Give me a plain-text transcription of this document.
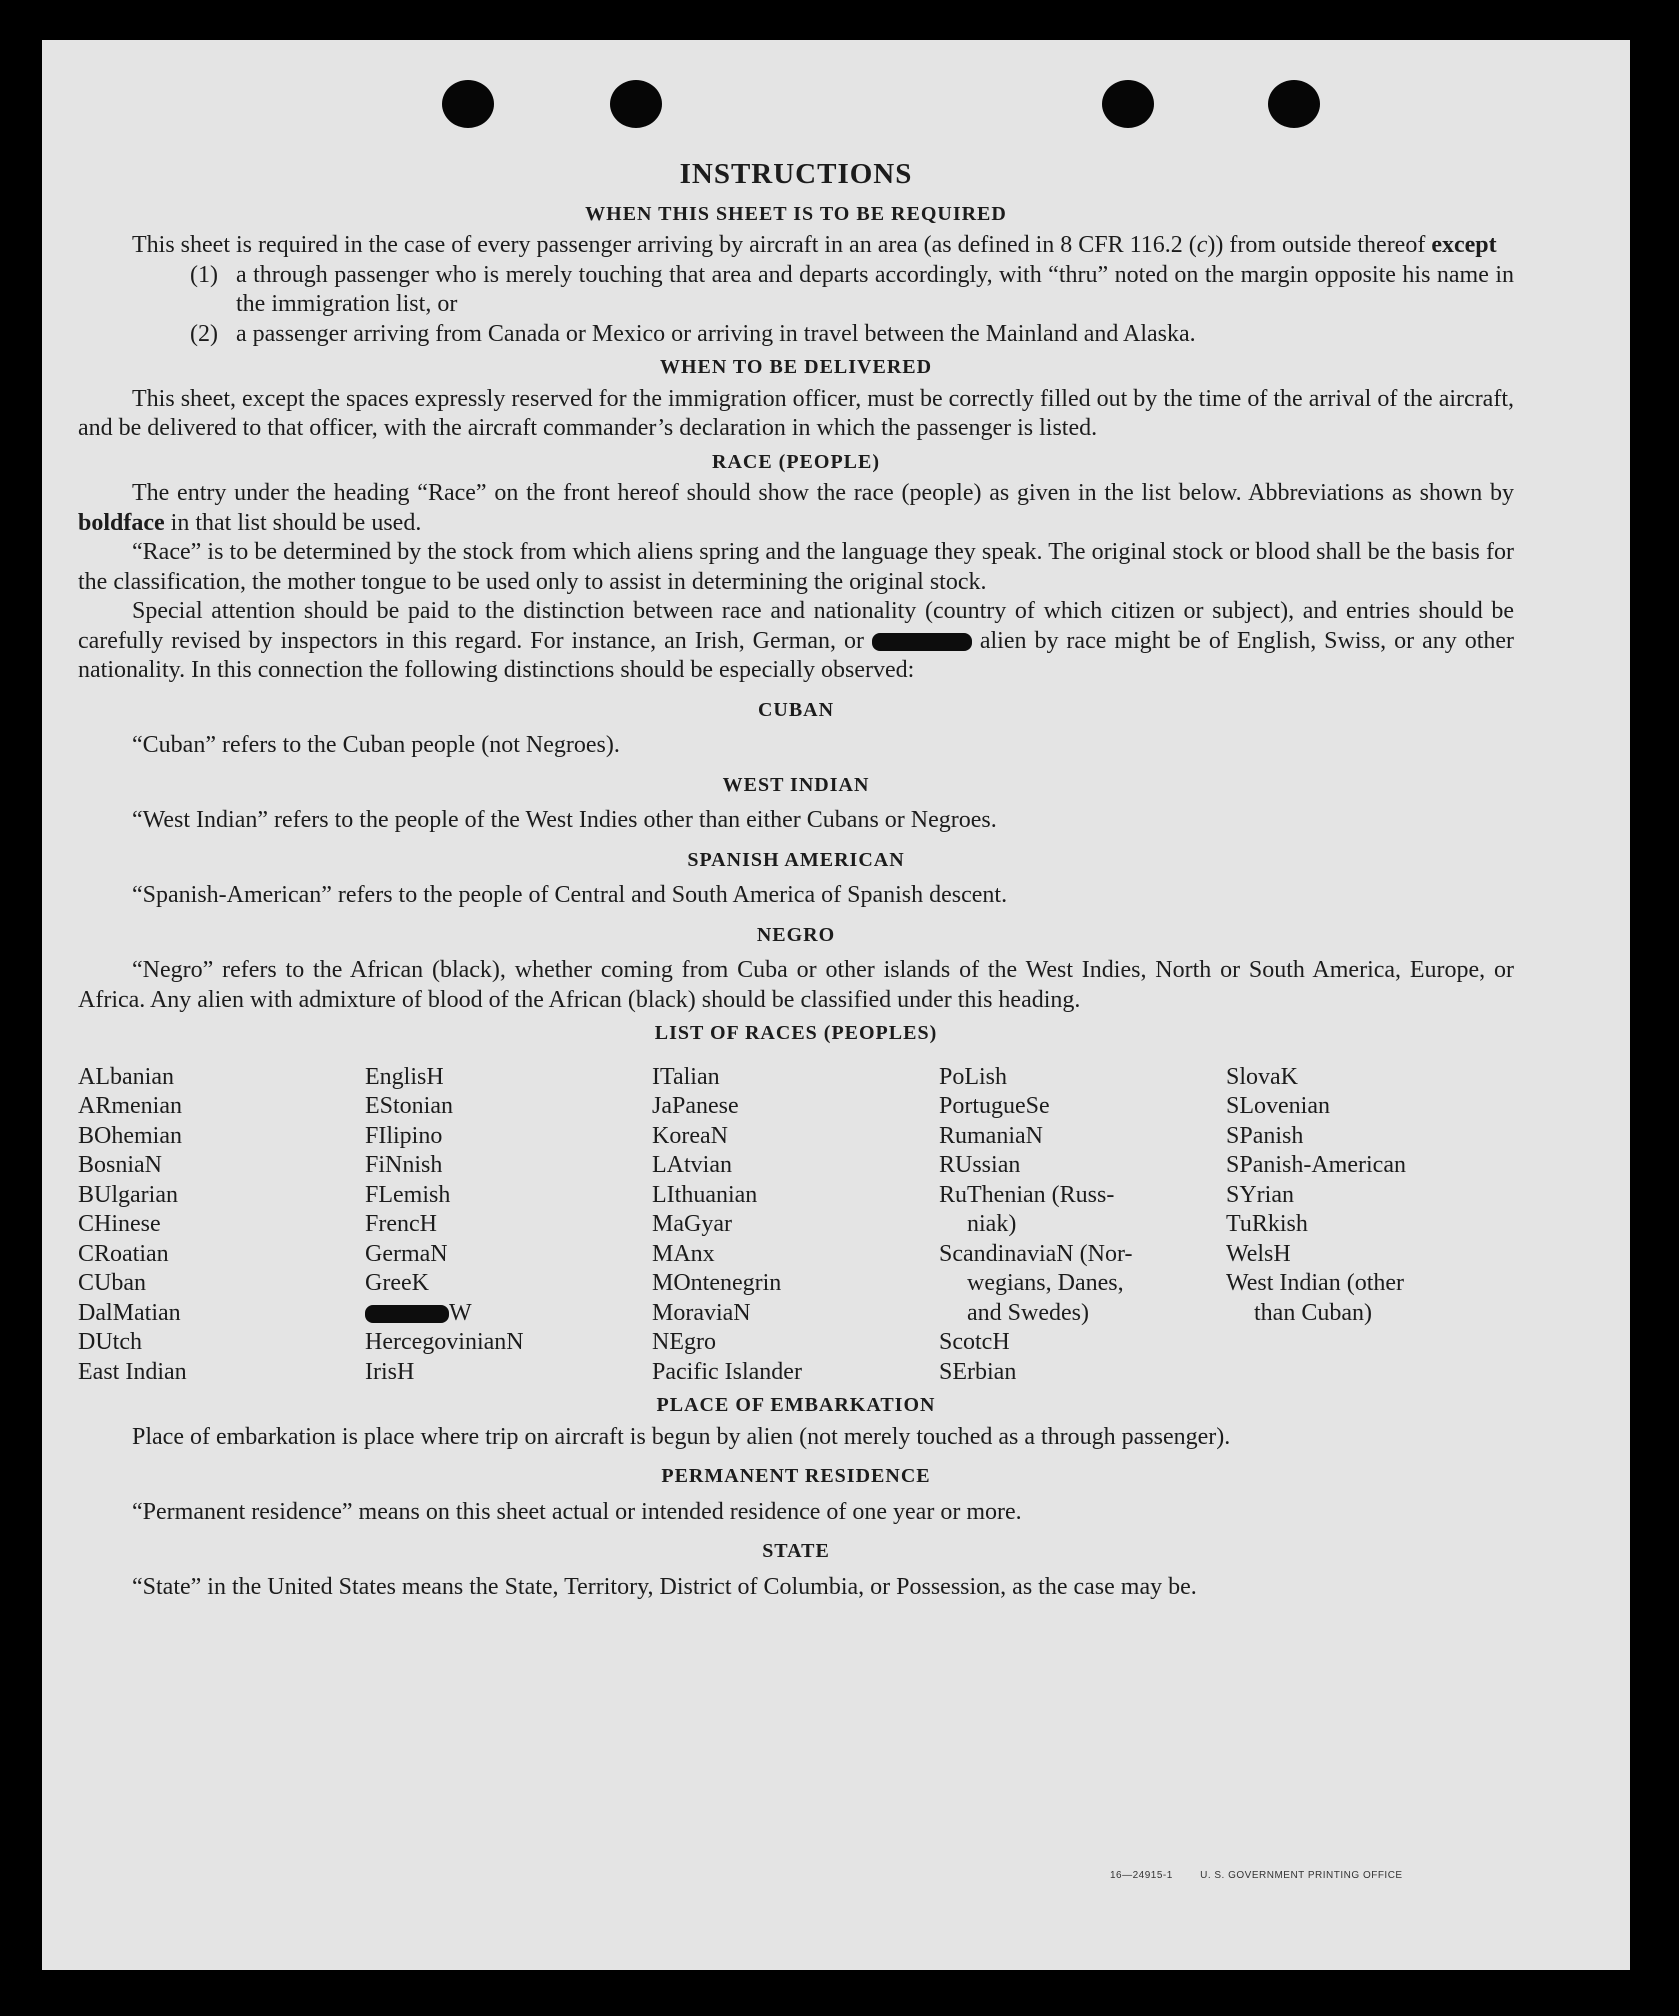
INSTRUCTIONS
WHEN THIS SHEET IS TO BE REQUIRED

This sheet is required in the case of every passenger arriving by aircraft in an area (as defined in 8 CFR 116.2 (c)) from outside thereof except

(1) a through passenger who is merely touching that area and departs accordingly, with “thru” noted on the margin opposite his name in the immigration list, or
(2) a passenger arriving from Canada or Mexico or arriving in travel between the Mainland and Alaska.
WHEN TO BE DELIVERED

This sheet, except the spaces expressly reserved for the immigration officer, must be correctly filled out by the time of the arrival of the aircraft, and be delivered to that officer, with the aircraft commander’s declaration in which the passenger is listed.

RACE (PEOPLE)

The entry under the heading “Race” on the front hereof should show the race (people) as given in the list below. Abbreviations as shown by boldface in that list should be used.

“Race” is to be determined by the stock from which aliens spring and the language they speak. The original stock or blood shall be the basis for the classification, the mother tongue to be used only to assist in determining the original stock.

Special attention should be paid to the distinction between race and nationality (country of which citizen or subject), and entries should be carefully revised by inspectors in this regard. For instance, an Irish, German, or	alien by race might be of English, Swiss, or any other nationality. In this connection the following distinctions should be especially observed:

CUBAN

“Cuban” refers to the Cuban people (not Negroes).

WEST INDIAN

“West Indian” refers to the people of the West Indies other than either Cubans or Negroes.

SPANISH AMERICAN

“Spanish-American” refers to the people of Central and South America of Spanish descent.

NEGRO

“Negro” refers to the African (black), whether coming from Cuba or other islands of the West Indies, North or South America, Europe, or Africa. Any alien with admixture of blood of the African (black) should be classified under this heading.

LIST OF RACES (PEOPLES)
ALbanian
ARmenian
BOhemian
BosniaN
BUlgarian
CHinese
CRoatian
CUban
DalMatian
DUtch
East Indian
EnglisH
EStonian
FIlipino
FiNnish
FLemish
FrencH
GermaN
GreeK
W
HercegovinianN
IrisH
ITalian
JaPanese
KoreaN
LAtvian
LIthuanian
MaGyar
MAnx
MOntenegrin
MoraviaN
NEgro
Pacific Islander
PoLish
PortugueSe
RumaniaN
RUssian
RuThenian (Russ-
niak)
ScandinaviaN (Nor-
wegians, Danes,
and Swedes)
ScotcH
SErbian
SlovaK
SLovenian
SPanish
SPanish-American
SYrian
TuRkish
WelsH
West Indian (other
than Cuban)
PLACE OF EMBARKATION

Place of embarkation is place where trip on aircraft is begun by alien (not merely touched as a through passenger).

PERMANENT RESIDENCE

“Permanent residence” means on this sheet actual or intended residence of one year or more.

STATE

“State” in the United States means the State, Territory, District of Columbia, or Possession, as the case may be.

16—24915-1	U. S. GOVERNMENT PRINTING OFFICE
